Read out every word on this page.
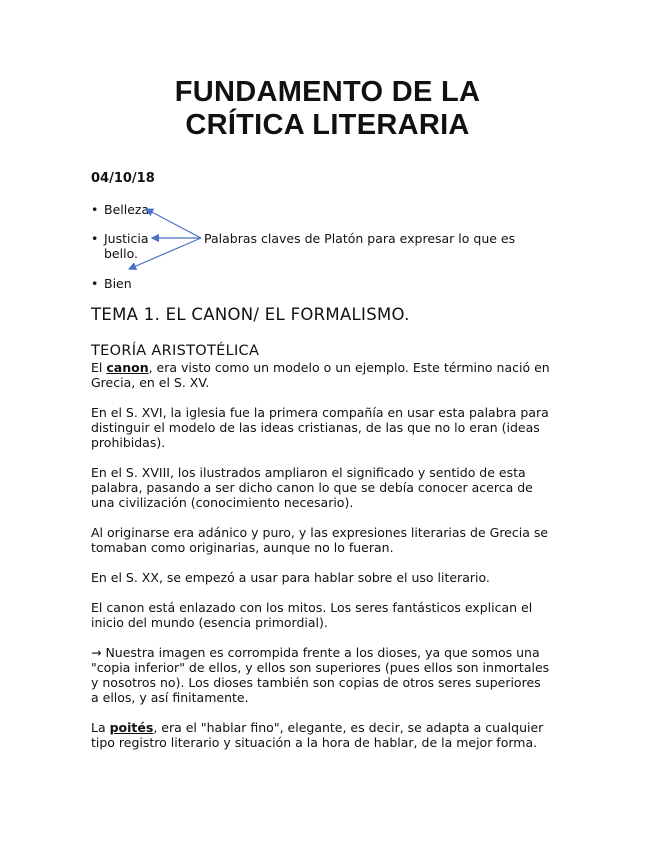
FUNDAMENTO DE LA
CRÍTICA LITERARIA
04/10/18
• Belleza
• Justicia
• Bien
Palabras claves de Platón para expresar lo que es
bello.
TEMA 1. EL CANON/ EL FORMALISMO.
TEORÍA ARISTOTÉLICA
El canon, era visto como un modelo o un ejemplo. Este término nació en
Grecia, en el S. XV.
En el S. XVI, la iglesia fue la primera compañía en usar esta palabra para
distinguir el modelo de las ideas cristianas, de las que no lo eran (ideas
prohibidas).
En el S. XVIII, los ilustrados ampliaron el significado y sentido de esta
palabra, pasando a ser dicho canon lo que se debía conocer acerca de
una civilización (conocimiento necesario).
Al originarse era adánico y puro, y las expresiones literarias de Grecia se
tomaban como originarias, aunque no lo fueran.
En el S. XX, se empezó a usar para hablar sobre el uso literario.
El canon está enlazado con los mitos. Los seres fantásticos explican el
inicio del mundo (esencia primordial).
→ Nuestra imagen es corrompida frente a los dioses, ya que somos una
"copia inferior" de ellos, y ellos son superiores (pues ellos son inmortales
y nosotros no). Los dioses también son copias de otros seres superiores
a ellos, y así finitamente.
La poités, era el "hablar fino", elegante, es decir, se adapta a cualquier
tipo registro literario y situación a la hora de hablar, de la mejor forma.
